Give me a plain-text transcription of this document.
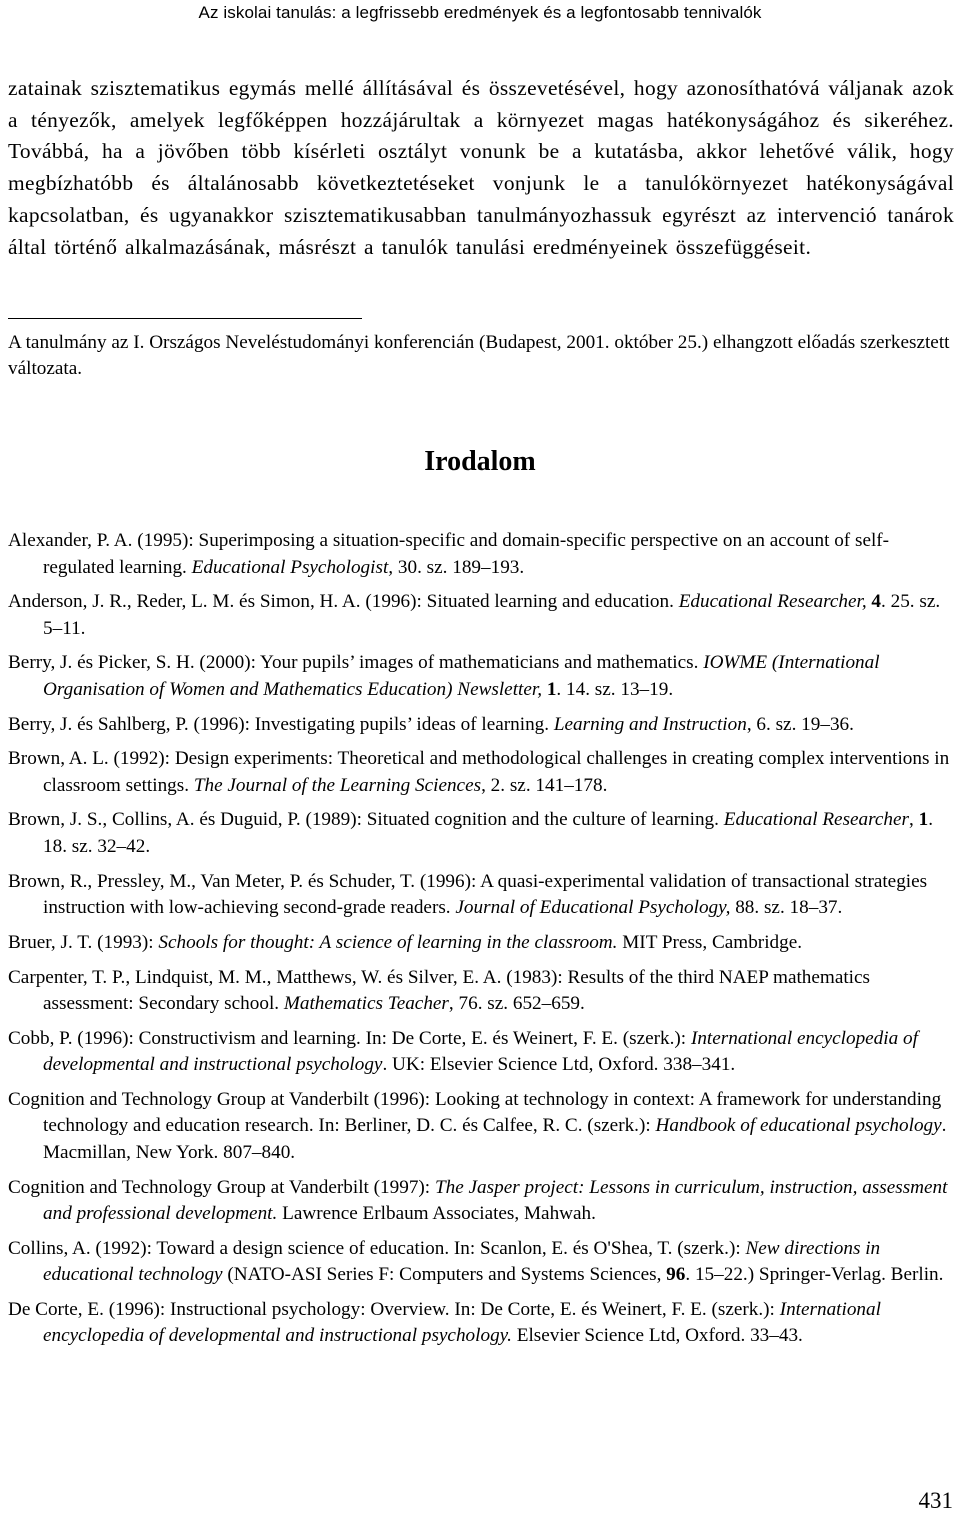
Az iskolai tanulás: a legfrissebb eredmények és a legfontosabb tennivalók

zatainak szisztematikus egymás mellé állításával és összevetésével, hogy azonosíthatóvá váljanak azok a tényezők, amelyek legfőképpen hozzájárultak a környezet magas hatékonyságához és sikeréhez. Továbbá, ha a jövőben több kísérleti osztályt vonunk be a kutatásba, akkor lehetővé válik, hogy megbízhatóbb és általánosabb következtetéseket vonjunk le a tanulókörnyezet hatékonyságával kapcsolatban, és ugyanakkor szisztematikusabban tanulmányozhassuk egyrészt az intervenció tanárok által történő alkalmazásának, másrészt a tanulók tanulási eredményeinek összefüggéseit.

A tanulmány az I. Országos Neveléstudományi konferencián (Budapest, 2001. október 25.) elhangzott előadás szerkesztett változata.

Irodalom
Alexander, P. A. (1995): Superimposing a situation-specific and domain-specific perspective on an account of self-regulated learning. Educational Psychologist, 30. sz. 189–193.
Anderson, J. R., Reder, L. M. és Simon, H. A. (1996): Situated learning and education. Educational Researcher, 4. 25. sz. 5–11.
Berry, J. és Picker, S. H. (2000): Your pupils’ images of mathematicians and mathematics. IOWME (International Organisation of Women and Mathematics Education) Newsletter, 1. 14. sz. 13–19.
Berry, J. és Sahlberg, P. (1996): Investigating pupils’ ideas of learning. Learning and Instruction, 6. sz. 19–36.
Brown, A. L. (1992): Design experiments: Theoretical and methodological challenges in creating complex interventions in classroom settings. The Journal of the Learning Sciences, 2. sz. 141–178.
Brown, J. S., Collins, A. és Duguid, P. (1989): Situated cognition and the culture of learning. Educational Researcher, 1. 18. sz. 32–42.
Brown, R., Pressley, M., Van Meter, P. és Schuder, T. (1996): A quasi-experimental validation of transactional strategies instruction with low-achieving second-grade readers. Journal of Educational Psychology, 88. sz. 18–37.
Bruer, J. T. (1993): Schools for thought: A science of learning in the classroom. MIT Press, Cambridge.
Carpenter, T. P., Lindquist, M. M., Matthews, W. és Silver, E. A. (1983): Results of the third NAEP mathematics assessment: Secondary school. Mathematics Teacher, 76. sz. 652–659.
Cobb, P. (1996): Constructivism and learning. In: De Corte, E. és Weinert, F. E. (szerk.): International encyclopedia of developmental and instructional psychology. UK: Elsevier Science Ltd, Oxford. 338–341.
Cognition and Technology Group at Vanderbilt (1996): Looking at technology in context: A framework for understanding technology and education research. In: Berliner, D. C. és Calfee, R. C. (szerk.): Handbook of educational psychology. Macmillan, New York. 807–840.
Cognition and Technology Group at Vanderbilt (1997): The Jasper project: Lessons in curriculum, instruction, assessment and professional development. Lawrence Erlbaum Associates, Mahwah.
Collins, A. (1992): Toward a design science of education. In: Scanlon, E. és O'Shea, T. (szerk.): New directions in educational technology (NATO-ASI Series F: Computers and Systems Sciences, 96. 15–22.) Springer-Verlag. Berlin.
De Corte, E. (1996): Instructional psychology: Overview. In: De Corte, E. és Weinert, F. E. (szerk.): International encyclopedia of developmental and instructional psychology. Elsevier Science Ltd, Oxford. 33–43.
431
